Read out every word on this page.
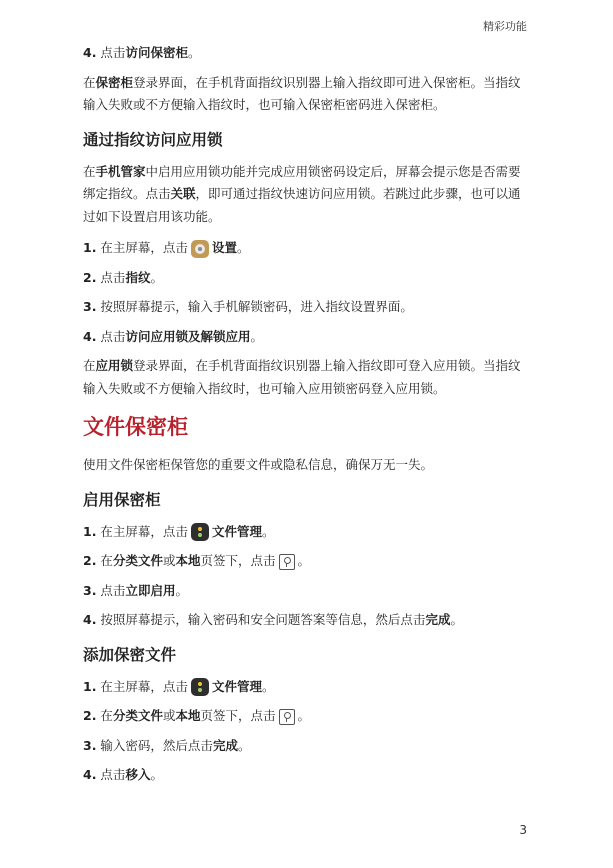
精彩功能

4. 点击访问保密柜。

在保密柜登录界面，在手机背面指纹识别器上输入指纹即可进入保密柜。当指纹输入失败或不方便输入指纹时，也可输入保密柜密码进入保密柜。

通过指纹访问应用锁

在手机管家中启用应用锁功能并完成应用锁密码设定后，屏幕会提示您是否需要绑定指纹。点击关联，即可通过指纹快速访问应用锁。若跳过此步骤，也可以通过如下设置启用该功能。

1. 在主屏幕，点击 设置。

2. 点击指纹。

3. 按照屏幕提示，输入手机解锁密码，进入指纹设置界面。

4. 点击访问应用锁及解锁应用。

在应用锁登录界面，在手机背面指纹识别器上输入指纹即可登入应用锁。当指纹输入失败或不方便输入指纹时，也可输入应用锁密码登入应用锁。

文件保密柜

使用文件保密柜保管您的重要文件或隐私信息，确保万无一失。

启用保密柜

1. 在主屏幕，点击 文件管理。

2. 在分类文件或本地页签下，点击 。

3. 点击立即启用。

4. 按照屏幕提示，输入密码和安全问题答案等信息，然后点击完成。

添加保密文件

1. 在主屏幕，点击 文件管理。

2. 在分类文件或本地页签下，点击 。

3. 输入密码，然后点击完成。

4. 点击移入。

3
